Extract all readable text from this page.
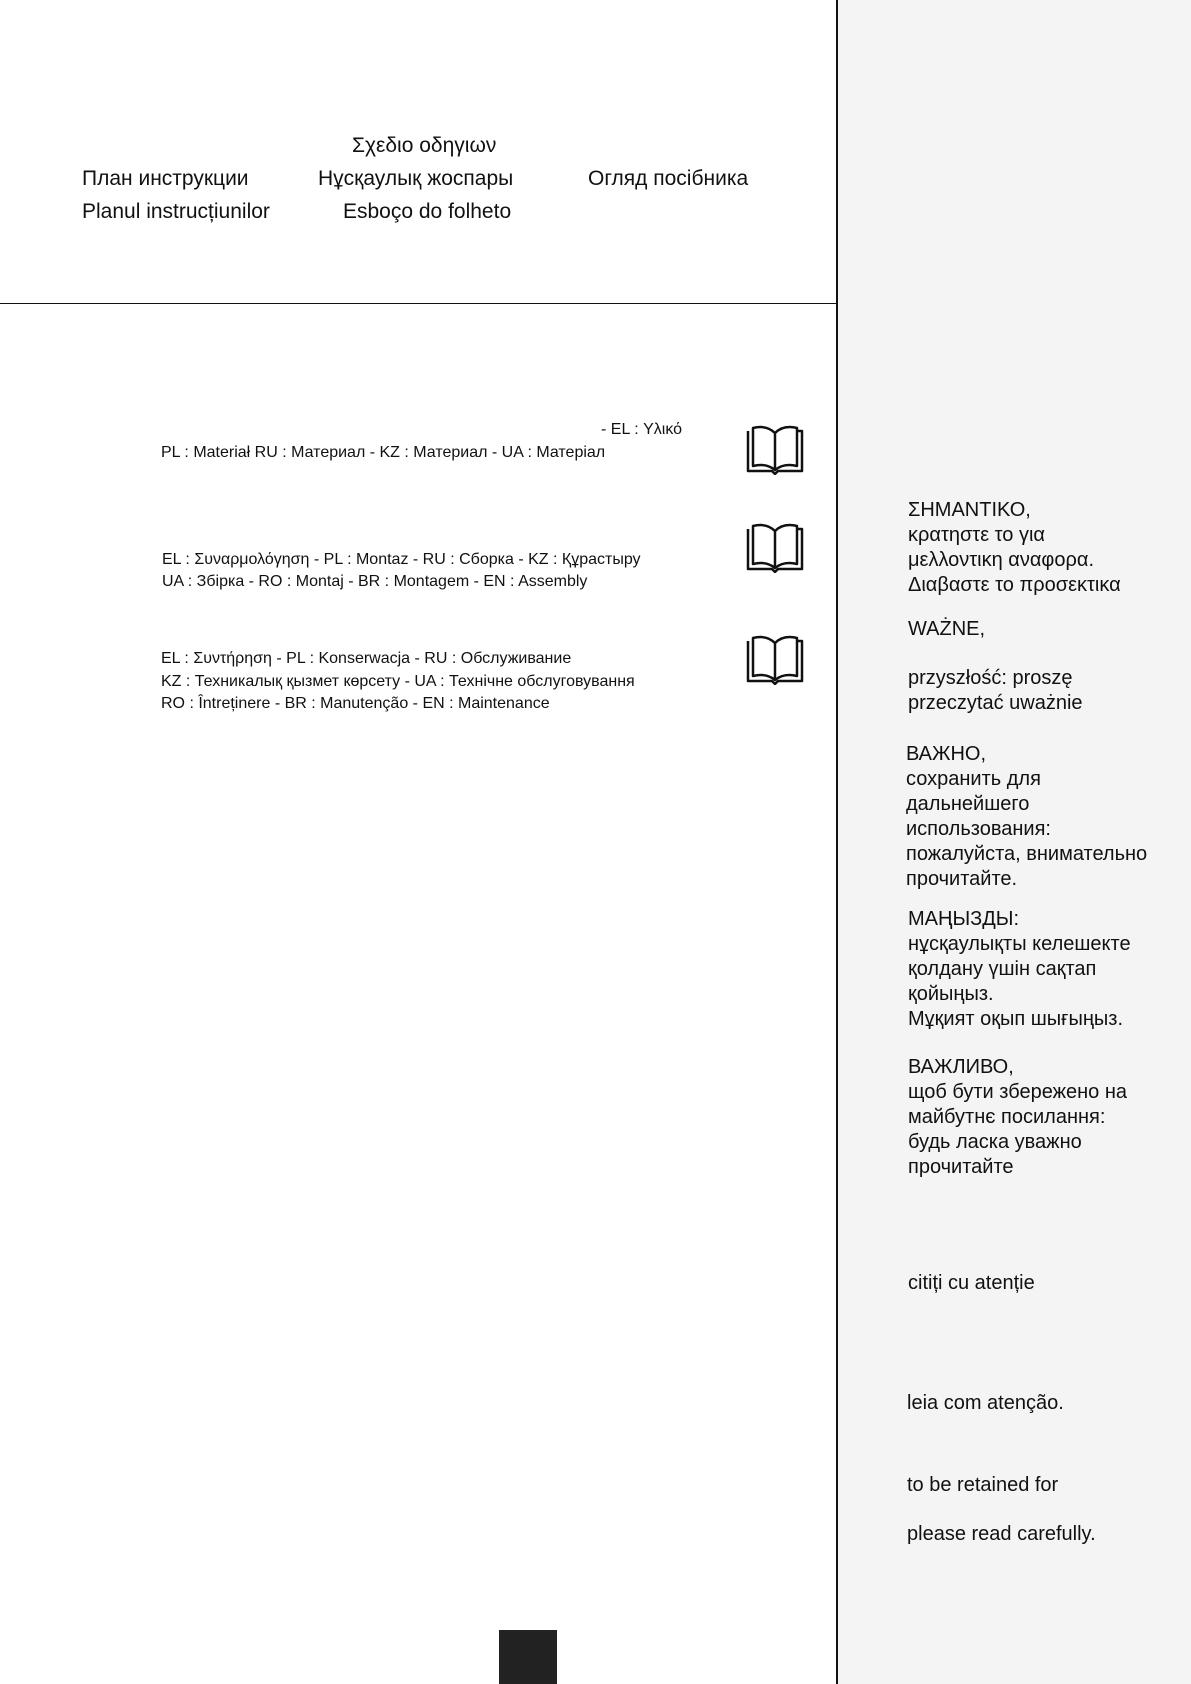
Σχεδιο οδηγιων
План инструкции	Нұсқаулық жоспары	Огляд посібника
Planul instrucțiunilor	Esboço do folheto
- EL : Υλικό
PL : Materiał RU : Материал - KZ : Материал - UA : Матеріал
EL : Συναρμολόγηση - PL : Montaz - RU : Сборка - KZ : Құрастыру
UA : Збірка - RO : Montaj - BR : Montagem - EN : Assembly
EL : Συντήρηση - PL : Konserwacja - RU : Обслуживание
KZ : Техникалық қызмет көрсету - UA : Технічне обслуговування
RO : Întreținere - BR : Manutenção - EN : Maintenance
ΣΗΜΑΝΤΙΚΟ,
κρατηστε το για
μελλοντικη αναφορα.
Διαβαστε το προσεκτικα
WAŻNE,
przyszłość: proszę
przeczytać uważnie
ВАЖНО,
сохранить для
дальнейшего
использования:
пожалуйста, внимательно
прочитайте.
МАҢЫЗДЫ:
нұсқаулықты келешекте
қолдану үшін сақтап
қойыңыз.
Мұқият оқып шығыңыз.
ВАЖЛИВО,
щоб бути збережено на
майбутнє посилання:
будь ласка уважно
прочитайте
citiți cu atenție
leia com atenção.
to be retained for
please read carefully.
